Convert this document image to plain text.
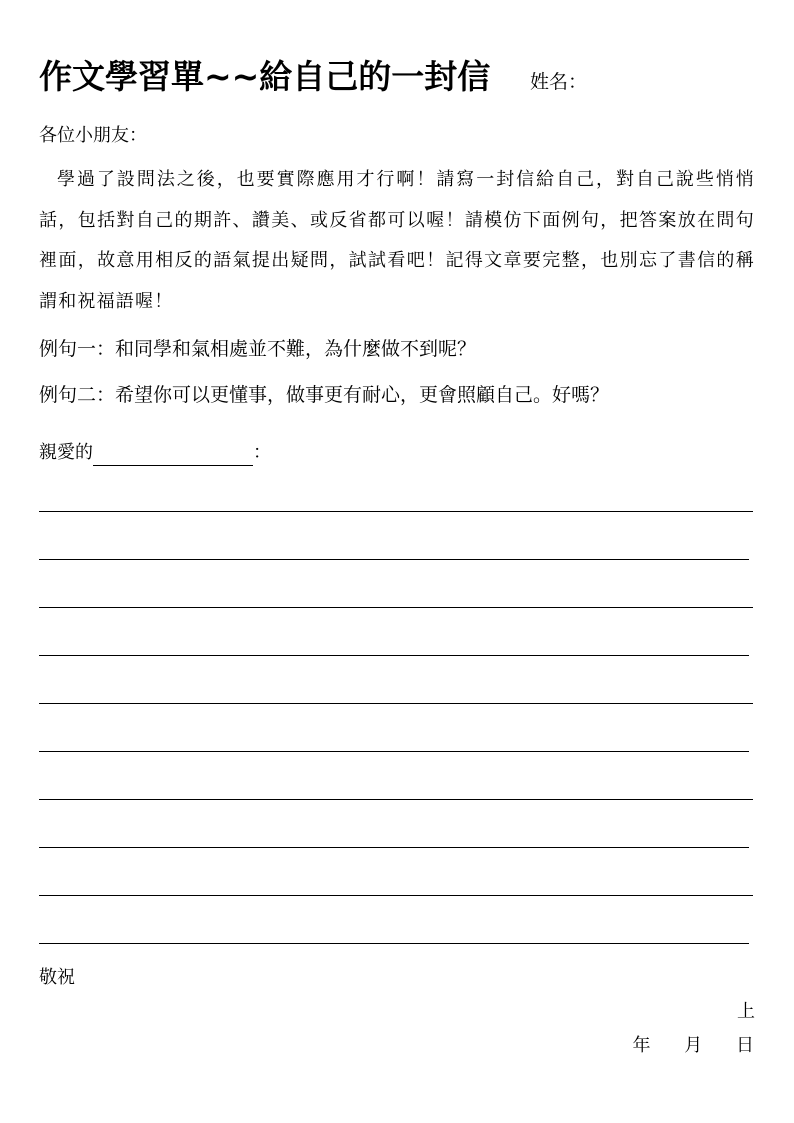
作文學習單~~給自己的一封信 姓名：
各位小朋友：
學過了設問法之後，也要實際應用才行啊！請寫一封信給自己，對自己說些悄悄話，包括對自己的期許、讚美、或反省都可以喔！請模仿下面例句，把答案放在問句裡面，故意用相反的語氣提出疑問，試試看吧！記得文章要完整，也別忘了書信的稱謂和祝福語喔！
例句一：和同學和氣相處並不難，為什麼做不到呢？
例句二：希望你可以更懂事，做事更有耐心，更會照顧自己。好嗎？
親愛的	：
敬祝
上
年 月 日
